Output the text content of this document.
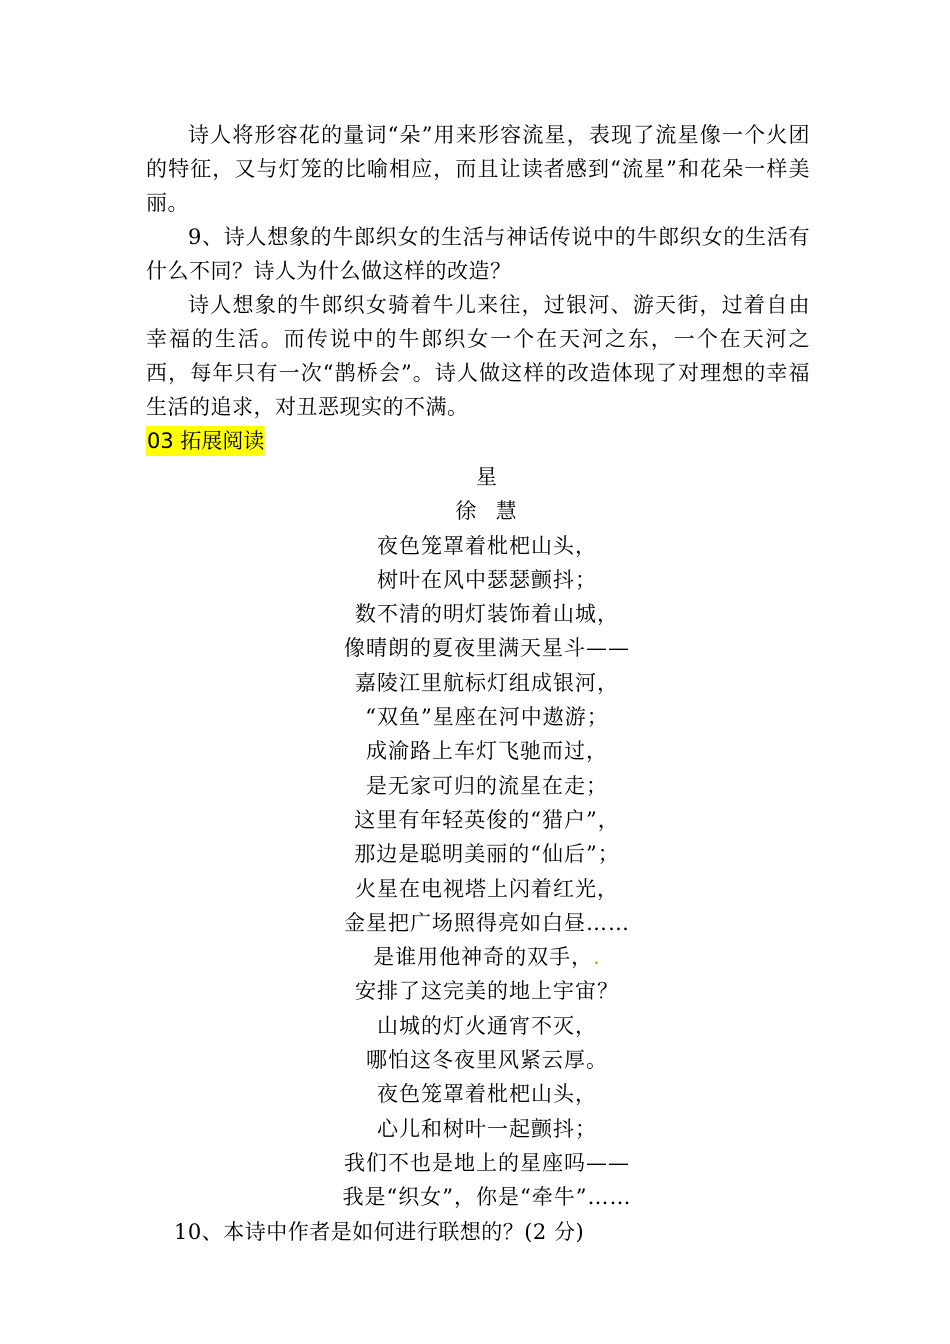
诗人将形容花的量词“朵”用来形容流星，表现了流星像一个火团的特征，又与灯笼的比喻相应，而且让读者感到“流星”和花朵一样美丽。

9、诗人想象的牛郎织女的生活与神话传说中的牛郎织女的生活有什么不同？诗人为什么做这样的改造？

诗人想象的牛郎织女骑着牛儿来往，过银河、游天街，过着自由幸福的生活。而传说中的牛郎织女一个在天河之东，一个在天河之西，每年只有一次“鹊桥会”。诗人做这样的改造体现了对理想的幸福生活的追求，对丑恶现实的不满。

03 拓展阅读
星
徐  慧
夜色笼罩着枇杷山头，
树叶在风中瑟瑟颤抖；
数不清的明灯装饰着山城，
像晴朗的夏夜里满天星斗——
嘉陵江里航标灯组成银河，
“双鱼”星座在河中遨游；
成渝路上车灯飞驰而过，
是无家可归的流星在走；
这里有年轻英俊的“猎户”，
那边是聪明美丽的“仙后”；
火星在电视塔上闪着红光，
金星把广场照得亮如白昼……
是谁用他神奇的双手，.
安排了这完美的地上宇宙？
山城的灯火通宵不灭，
哪怕这冬夜里风紧云厚。
夜色笼罩着枇杷山头，
心儿和树叶一起颤抖；
我们不也是地上的星座吗——
我是“织女”，你是“牵牛”……

10、本诗中作者是如何进行联想的？(2 分)
